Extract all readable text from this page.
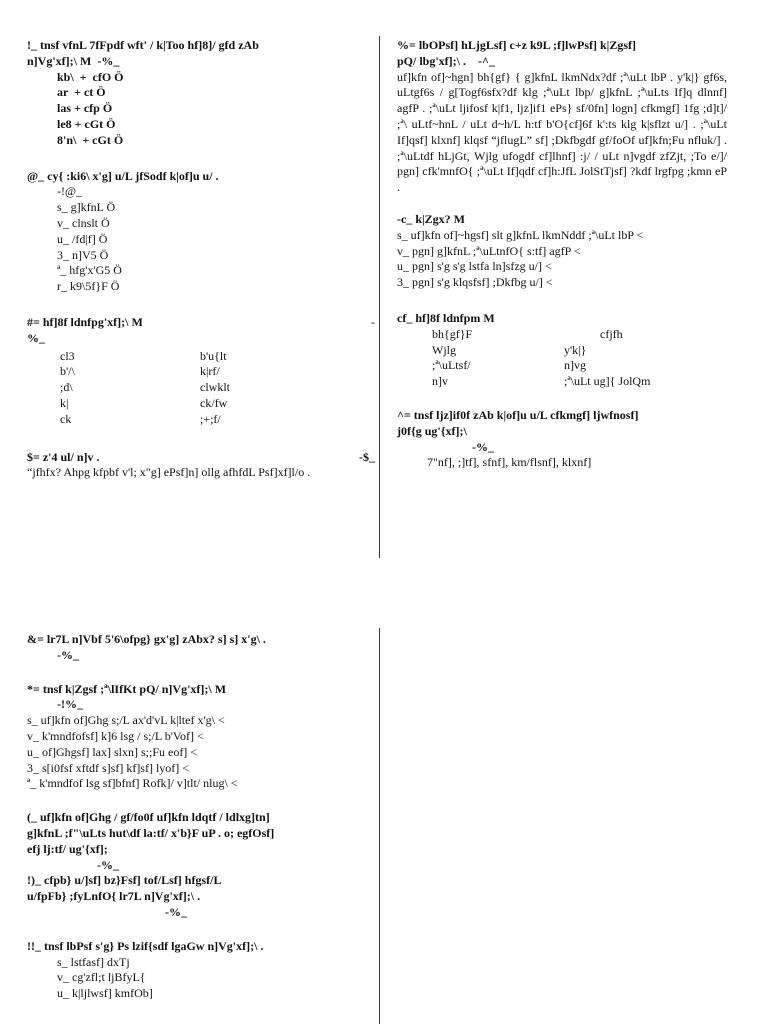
!_ tnsf vfnL 7fFpdf wft' / k|Too hf]8]/ gfd zAb
n]Vg'xf];\ M  -%_
kb\  +  cfO Ö
ar  + ct Ö
las + cfp Ö
le8 + cGt Ö
8'n\  + cGt Ö
@_ cy{ :ki6\ x'g] u/L jfSodf k|of]u u/ .
-!@_
s_ g]kfnL Ö
v_ clnslt Ö
u_ /fd|f] Ö
3_ n]V5 Ö
ª_ hfg'x'G5 Ö
r_ k9\5f}F Ö
#= hf]8f ldnfpg'xf];\ M	-
%_
cl3	b'u{lt
b'/\	k|rf/
;d\	clwklt
k|	ck/fw
ck	;+;f/
$= z'4 ul/ n]v .	-$_
“jfhfx? Ahpg kfpbf v'l; x"g] ePsf]n] ollg afhfdL Psf]xf]l/o .
%= lbOPsf] hLjgLsf] c+z k9L ;f]lwPsf] k|Zgsf]
pQ/ lbg'xf];\ .    -^_
uf]kfn of]~hgn] bh{gf} { g]kfnL lkmNdx?df ;ª\uLt lbP . y'k|} gf6s, uLtgf6s / g[Togf6sfx?df klg ;ª\uLt lbp/ g]kfnL ;ª\uLts If]q dlnnf] agfP . ;ª\uLt ljifosf k|f1, ljz]if1 ePs} sf/0fn] logn] cfkmgf] 1fg ;d]t]/ ;ª\ uLtf~hnL / uLt d~h/L h:tf b'O{cf]6f k':ts klg k|sflzt u/] . ;ª\uLt If]qsf] klxnf] klqsf “jflugL” sf] ;Dkfbgdf gf/foOf uf]kfn;Fu nfluk/] . ;ª\uLtdf hLjGt, Wjlg ufogdf cf]lhnf] :j/ / uLt n]vgdf zfZjt, ;To e/]/ pgn] cfk'mnfO{ ;ª\uLt If]qdf cf]h:JfL JolStTjsf] ?kdf lrgfpg ;kmn eP .
-c_ k|Zgx? M
s_ uf]kfn of]~hgsf] slt g]kfnL lkmNddf ;ª\uLt lbP <
v_ pgn] g]kfnL ;ª\uLtnfO{ s:tf] agfP <
u_ pgn] s'g s'g lstfa ln]sfzg u/] <
3_ pgn] s'g klqsfsf] ;Dkfbg u/] <
cf_ hf]8f ldnfpm M
bh{gf}F	cfjfh
Wjlg	y'k|}
;ª\uLtsf/	n]vg
n]v	;ª\uLt ug]{ JolQm
^= tnsf ljz]if0f zAb k|of]u u/L cfkmgf] ljwfnosf]
j0f{g ug'{xf];\
-%_
7"nf], ;]tf], sfnf], km/flsnf], klxnf]
&= lr7L n]Vbf 5'6\ofpg} gx'g] zAbx? s] s] x'g\ .
-%_
*= tnsf k|Zgsf ;ª\lIfKt pQ/ n]Vg'xf];\ M
-!%_
s_ uf]kfn of]Ghg s;/L ax'd'vL k|ltef x'g\ <
v_ k'mndfofsf] k]6 lsg / s;/L b'Vof] <
u_ of]Ghgsf] lax] slxn] s;;Fu eof] <
3_ s[i0fsf xftdf s]sf] kf]sf] lyof] <
ª_ k'mndfof lsg sf]bfnf] Rofk]/ v]tlt/ nlug\ <
(_ uf]kfn of]Ghg / gf/fo0f uf]kfn ldqtf / ldlxg]tn]
g]kfnL ;f"\uLts hut\df la:tf/ x'b}F uP . o; egfOsf]
efj lj:tf/ ug'{xf];
-%_
!)_ cfpb} u/]sf] bz}Fsf] tof/Lsf] hfgsf/L
u/fpFb} ;fyLnfO{ lr7L n]Vg'xf];\ .
-%_
!!_ tnsf lbPsf s'g} Ps lzif{sdf lgaGw n]Vg'xf];\ .
s_ lstfasf] dxTj
v_ cg'zfl;t ljBfyL{
u_ k|ljlwsf] kmfOb]
